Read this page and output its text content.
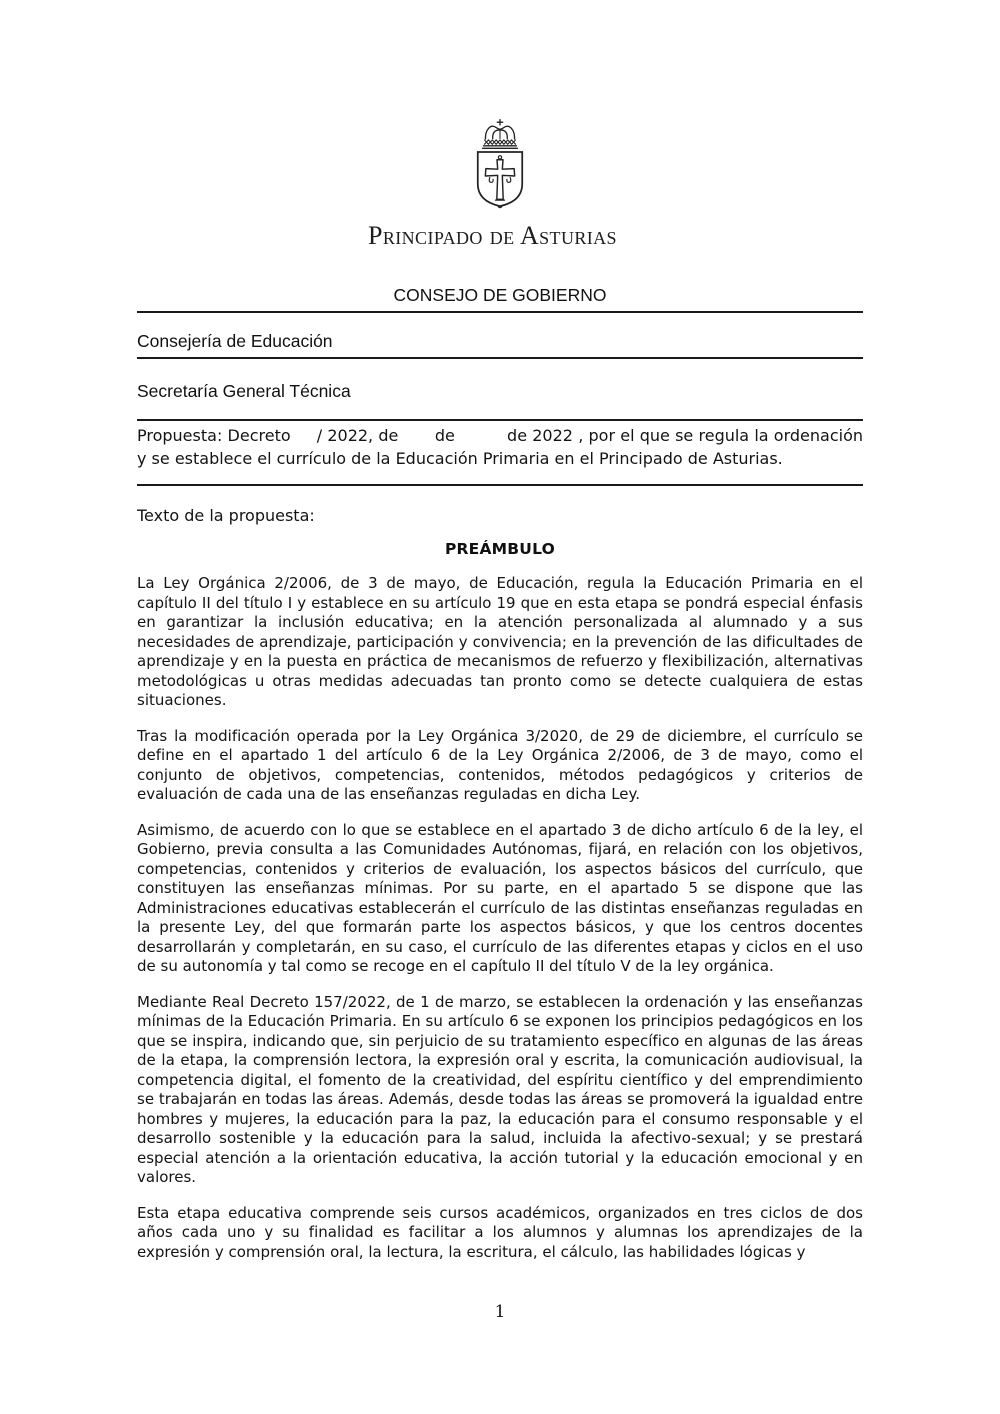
Principado de Asturias
CONSEJO DE GOBIERNO
Consejería de Educación
Secretaría General Técnica
Propuesta: Decreto     / 2022, de       de          de 2022 , por el que se regula la ordenación y se establece el currículo de la Educación Primaria en el Principado de Asturias.
Texto de la propuesta:
PREÁMBULO

La Ley Orgánica 2/2006, de 3 de mayo, de Educación, regula la Educación Primaria en el capítulo II del título I y establece en su artículo 19 que en esta etapa se pondrá especial énfasis en garantizar la inclusión educativa; en la atención personalizada al alumnado y a sus necesidades de aprendizaje, participación y convivencia; en la prevención de las dificultades de aprendizaje y en la puesta en práctica de mecanismos de refuerzo y flexibilización, alternativas metodológicas u otras medidas adecuadas tan pronto como se detecte cualquiera de estas situaciones.

Tras la modificación operada por la Ley Orgánica 3/2020, de 29 de diciembre, el currículo se define en el apartado 1 del artículo 6 de la Ley Orgánica 2/2006, de 3 de mayo, como el conjunto de objetivos, competencias, contenidos, métodos pedagógicos y criterios de evaluación de cada una de las enseñanzas reguladas en dicha Ley.

Asimismo, de acuerdo con lo que se establece en el apartado 3 de dicho artículo 6 de la ley, el Gobierno, previa consulta a las Comunidades Autónomas, fijará, en relación con los objetivos, competencias, contenidos y criterios de evaluación, los aspectos básicos del currículo, que constituyen las enseñanzas mínimas. Por su parte, en el apartado 5 se dispone que las Administraciones educativas establecerán el currículo de las distintas enseñanzas reguladas en la presente Ley, del que formarán parte los aspectos básicos, y que los centros docentes desarrollarán y completarán, en su caso, el currículo de las diferentes etapas y ciclos en el uso de su autonomía y tal como se recoge en el capítulo II del título V de la ley orgánica.

Mediante Real Decreto 157/2022, de 1 de marzo, se establecen la ordenación y las enseñanzas mínimas de la Educación Primaria. En su artículo 6 se exponen los principios pedagógicos en los que se inspira, indicando que, sin perjuicio de su tratamiento específico en algunas de las áreas de la etapa, la comprensión lectora, la expresión oral y escrita, la comunicación audiovisual, la competencia digital, el fomento de la creatividad, del espíritu científico y del emprendimiento se trabajarán en todas las áreas. Además, desde todas las áreas se promoverá la igualdad entre hombres y mujeres, la educación para la paz, la educación para el consumo responsable y el desarrollo sostenible y la educación para la salud, incluida la afectivo-sexual; y se prestará especial atención a la orientación educativa, la acción tutorial y la educación emocional y en valores.

Esta etapa educativa comprende seis cursos académicos, organizados en tres ciclos de dos años cada uno y su finalidad es facilitar a los alumnos y alumnas los aprendizajes de la expresión y comprensión oral, la lectura, la escritura, el cálculo, las habilidades lógicas y

1
